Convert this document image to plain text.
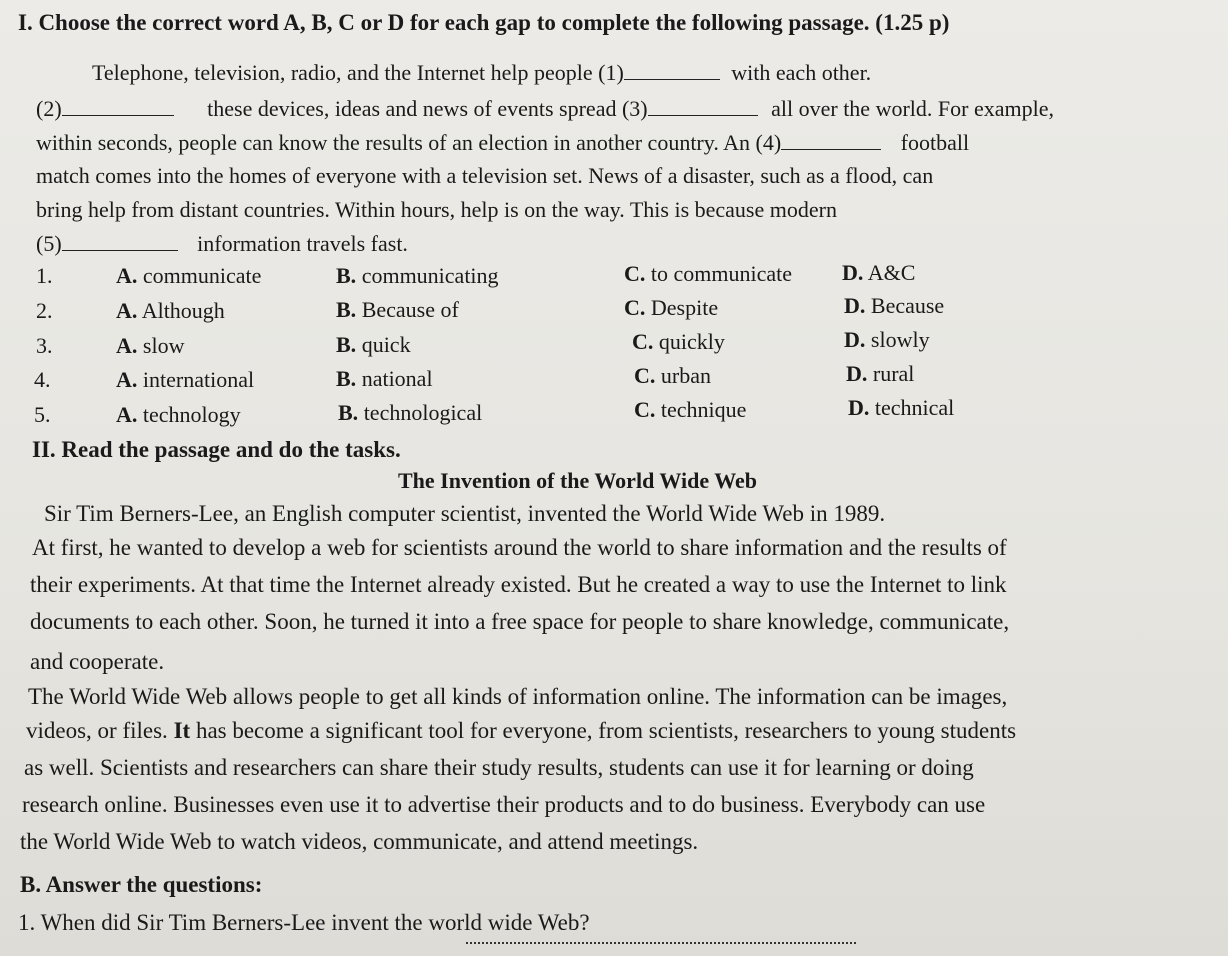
I. Choose the correct word A, B, C or D for each gap to complete the following passage. (1.25 p)
Telephone, television, radio, and the Internet help people (1)	with each other.
(2)	these devices, ideas and news of events spread (3)	all over the world. For example,
within seconds, people can know the results of an election in another country. An (4)	football
match comes into the homes of everyone with a television set. News of a disaster, such as a flood, can
bring help from distant countries. Within hours, help is on the way. This is because modern
(5)	information travels fast.
1.	A. communicate	B. communicating	C. to communicate D. A&C
2.	A. Although	B. Because of	C. Despite	D. Because
3.	A. slow	B. quick	C. quickly	D. slowly
4.	A. international	B. national	C. urban	D. rural
5.	A. technology	B. technological	C. technique	D. technical
II. Read the passage and do the tasks.
The Invention of the World Wide Web
Sir Tim Berners-Lee, an English computer scientist, invented the World Wide Web in 1989.
At first, he wanted to develop a web for scientists around the world to share information and the results of
their experiments. At that time the Internet already existed. But he created a way to use the Internet to link
documents to each other. Soon, he turned it into a free space for people to share knowledge, communicate,
and cooperate.
The World Wide Web allows people to get all kinds of information online. The information can be images,
videos, or files. It has become a significant tool for everyone, from scientists, researchers to young students
as well. Scientists and researchers can share their study results, students can use it for learning or doing
research online. Businesses even use it to advertise their products and to do business. Everybody can use
the World Wide Web to watch videos, communicate, and attend meetings.
B. Answer the questions:
1. When did Sir Tim Berners-Lee invent the world wide Web?
